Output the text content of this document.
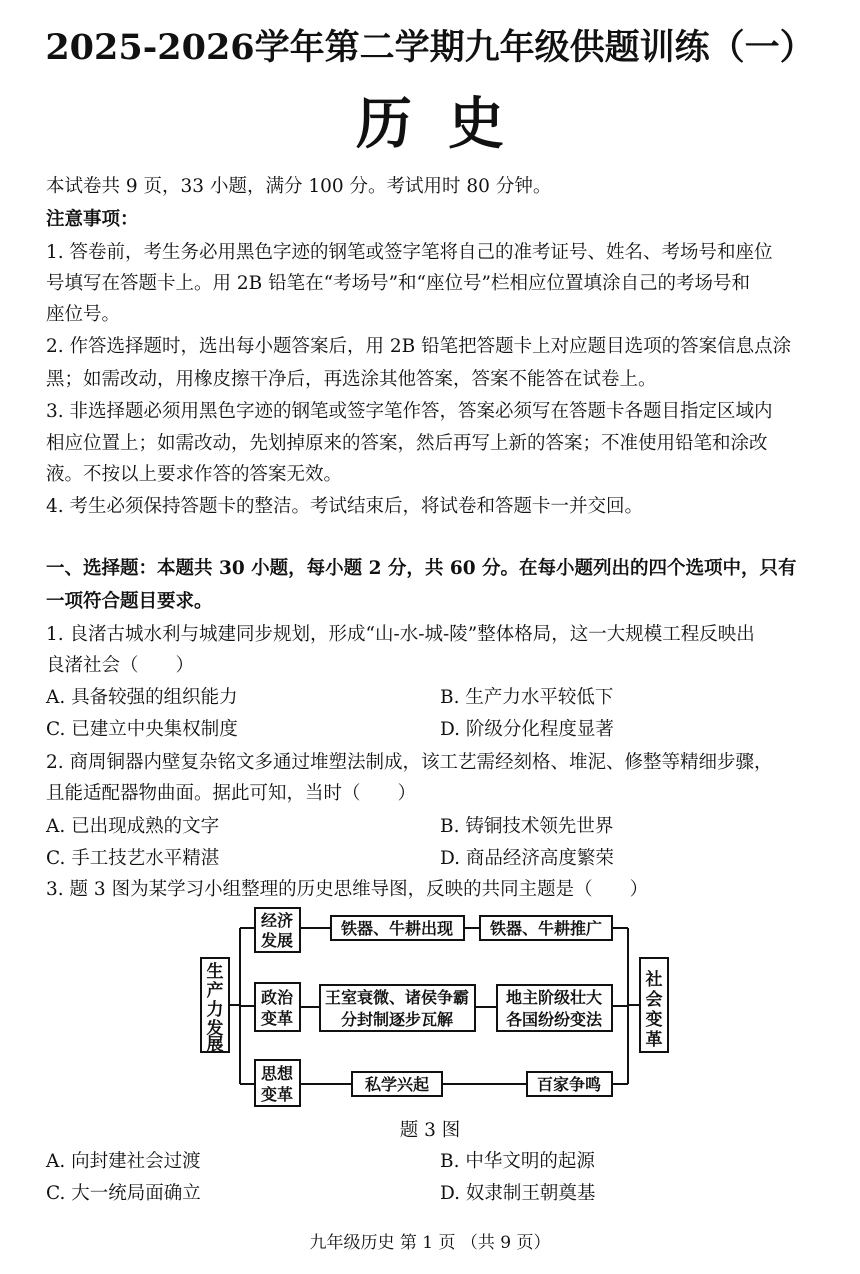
2025-2026学年第二学期九年级供题训练（一）
历史
本试卷共 9 页，33 小题，满分 100 分。考试用时 80 分钟。
注意事项：
1. 答卷前，考生务必用黑色字迹的钢笔或签字笔将自己的准考证号、姓名、考场号和座位
号填写在答题卡上。用 2B 铅笔在“考场号”和“座位号”栏相应位置填涂自己的考场号和
座位号。
2. 作答选择题时，选出每小题答案后，用 2B 铅笔把答题卡上对应题目选项的答案信息点涂
黑；如需改动，用橡皮擦干净后，再选涂其他答案，答案不能答在试卷上。
3. 非选择题必须用黑色字迹的钢笔或签字笔作答，答案必须写在答题卡各题目指定区域内
相应位置上；如需改动，先划掉原来的答案，然后再写上新的答案；不准使用铅笔和涂改
液。不按以上要求作答的答案无效。
4. 考生必须保持答题卡的整洁。考试结束后，将试卷和答题卡一并交回。
一、选择题：本题共 30 小题，每小题 2 分，共 60 分。在每小题列出的四个选项中，只有
一项符合题目要求。
1. 良渚古城水利与城建同步规划，形成“山-水-城-陵”整体格局，这一大规模工程反映出
良渚社会（　　）
A. 具备较强的组织能力	B. 生产力水平较低下
C. 已建立中央集权制度	D. 阶级分化程度显著
2. 商周铜器内壁复杂铭文多通过堆塑法制成，该工艺需经刻格、堆泥、修整等精细步骤，
且能适配器物曲面。据此可知，当时（　　）
A. 已出现成熟的文字	B. 铸铜技术领先世界
C. 手工技艺水平精湛	D. 商品经济高度繁荣
3. 题 3 图为某学习小组整理的历史思维导图，反映的共同主题是（　　）
生
产
力
发
展
社
会
变
革
经济
发展
政治
变革
思想
变革
铁器、牛耕出现
王室衰微、诸侯争霸
分封制逐步瓦解
私学兴起
铁器、牛耕推广
地主阶级壮大
各国纷纷变法
百家争鸣
题 3 图
A. 向封建社会过渡	B. 中华文明的起源
C. 大一统局面确立	D. 奴隶制王朝奠基
九年级历史 第 1 页 （共 9 页）
